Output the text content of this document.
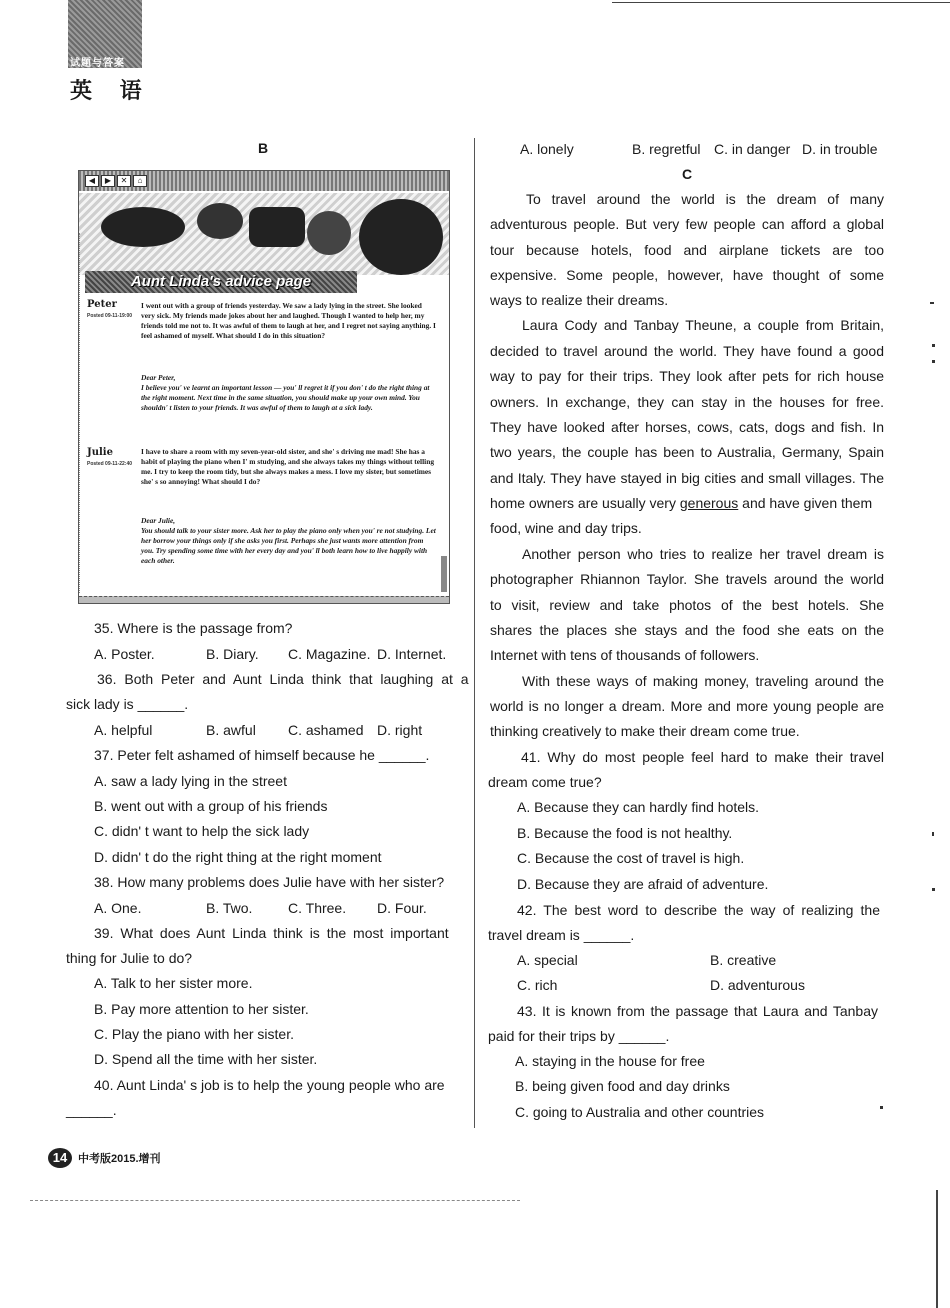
试题与答案
英 语
B
◀	▶	✕	⌂
Aunt Linda's advice page
Peter
Posted 09-11-19:00
I went out with a group of friends yesterday. We saw a lady lying in the street. She looked very sick. My friends made jokes about her and laughed. Though I wanted to help her, my friends told me not to. It was awful of them to laugh at her, and I regret not saying anything. I feel ashamed of myself. What should I do in this situation?
Dear Peter,
I believe you' ve learnt an important lesson — you' ll regret it if you don' t do the right thing at the right moment. Next time in the same situation, you should make up your own mind. You shouldn' t listen to your friends. It was awful of them to laugh at a sick lady.
Julie
Posted 09-11-22:40
I have to share a room with my seven-year-old sister, and she' s driving me mad! She has a habit of playing the piano when I' m studying, and she always takes my things without telling me. I try to keep the room tidy, but she always makes a mess. I love my sister, but sometimes she' s so annoying! What should I do?
Dear Julie,
You should talk to your sister more. Ask her to play the piano only when you' re not studying. Let her borrow your things only if she asks you first. Perhaps she just wants more attention from you. Try spending some time with her every day and you' ll both learn how to live happily with each other.
35. Where is the passage from?
A. Poster.	B. Diary. C. Magazine. D. Internet.
36. Both Peter and Aunt Linda think that laughing at a
sick lady is ______.
A. helpful	B. awful C. ashamed D. right
37. Peter felt ashamed of himself because he ______.
A. saw a lady lying in the street
B. went out with a group of his friends
C. didn' t want to help the sick lady
D. didn' t do the right thing at the right moment
38. How many problems does Julie have with her sister?
A. One.	B. Two.	C. Three. D. Four.
39. What does Aunt Linda think is the most important
thing for Julie to do?
A. Talk to her sister more.
B. Pay more attention to her sister.
C. Play the piano with her sister.
D. Spend all the time with her sister.
40. Aunt Linda' s job is to help the young people who are
______.
A. lonely	B. regretful C. in danger D. in trouble
C
To travel around the world is the dream of many
adventurous people. But very few people can afford a global
tour because hotels, food and airplane tickets are too
expensive. Some people, however, have thought of some
ways to realize their dreams.
Laura Cody and Tanbay Theune, a couple from Britain,
decided to travel around the world. They have found a good
way to pay for their trips. They look after pets for rich house
owners. In exchange, they can stay in the houses for free.
They have looked after horses, cows, cats, dogs and fish. In
two years, the couple has been to Australia, Germany, Spain
and Italy. They have stayed in big cities and small villages. The
home owners are usually very generous and have given them
food, wine and day trips.
Another person who tries to realize her travel dream is
photographer Rhiannon Taylor. She travels around the world
to visit, review and take photos of the best hotels. She
shares the places she stays and the food she eats on the
Internet with tens of thousands of followers.
With these ways of making money, traveling around the
world is no longer a dream. More and more young people are
thinking creatively to make their dream come true.
41. Why do most people feel hard to make their travel
dream come true?
A. Because they can hardly find hotels.
B. Because the food is not healthy.
C. Because the cost of travel is high.
D. Because they are afraid of adventure.
42. The best word to describe the way of realizing the
travel dream is ______.
A. special	B. creative
C. rich	D. adventurous
43. It is known from the passage that Laura and Tanbay
paid for their trips by ______.
A. staying in the house for free
B. being given food and day drinks
C. going to Australia and other countries
14 中考版2015.增刊
